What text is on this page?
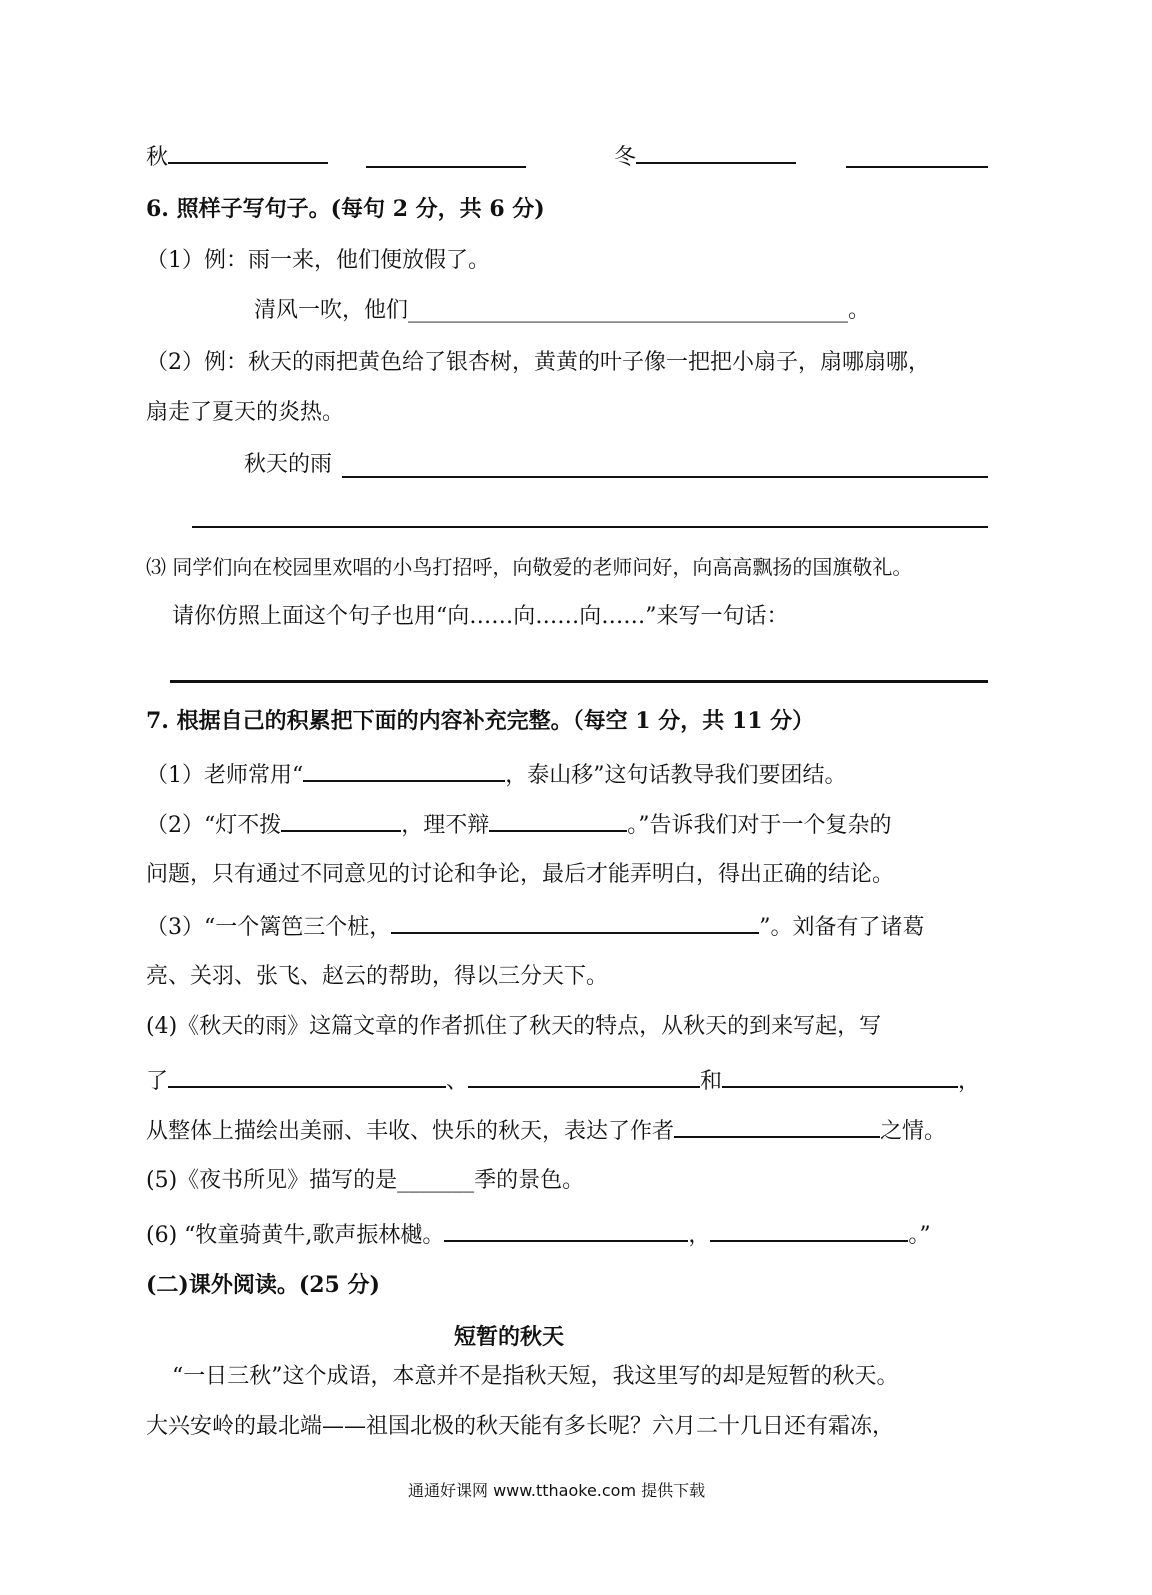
秋	冬
6. 照样子写句子。(每句 2 分，共 6 分)
（1）例：雨一来，他们便放假了。
清风一吹，他们________________________________________。
（2）例：秋天的雨把黄色给了银杏树，黄黄的叶子像一把把小扇子，扇哪扇哪，
扇走了夏天的炎热。
秋天的雨
⑶ 同学们向在校园里欢唱的小鸟打招呼，向敬爱的老师问好，向高高飘扬的国旗敬礼。
请你仿照上面这个句子也用“向……向……向……”来写一句话：
7. 根据自己的积累把下面的内容补充完整。（每空 1 分，共 11 分）
（1）老师常用“	，泰山移”这句话教导我们要团结。
（2）“灯不拨	，理不辩	。”告诉我们对于一个复杂的
问题，只有通过不同意见的讨论和争论，最后才能弄明白，得出正确的结论。
（3）“一个篱笆三个桩，	”。刘备有了诸葛
亮、关羽、张飞、赵云的帮助，得以三分天下。
(4)《秋天的雨》这篇文章的作者抓住了秋天的特点，从秋天的到来写起，写
了	、	和	，
从整体上描绘出美丽、丰收、快乐的秋天，表达了作者	之情。
(5)《夜书所见》描写的是_______季的景色。
(6) “牧童骑黄牛,歌声振林樾。	，	。”
(二)课外阅读。(25 分)
短暂的秋天
“一日三秋”这个成语，本意并不是指秋天短，我这里写的却是短暂的秋天。
大兴安岭的最北端——祖国北极的秋天能有多长呢？六月二十几日还有霜冻，
通通好课网 www.tthaoke.com 提供下载
